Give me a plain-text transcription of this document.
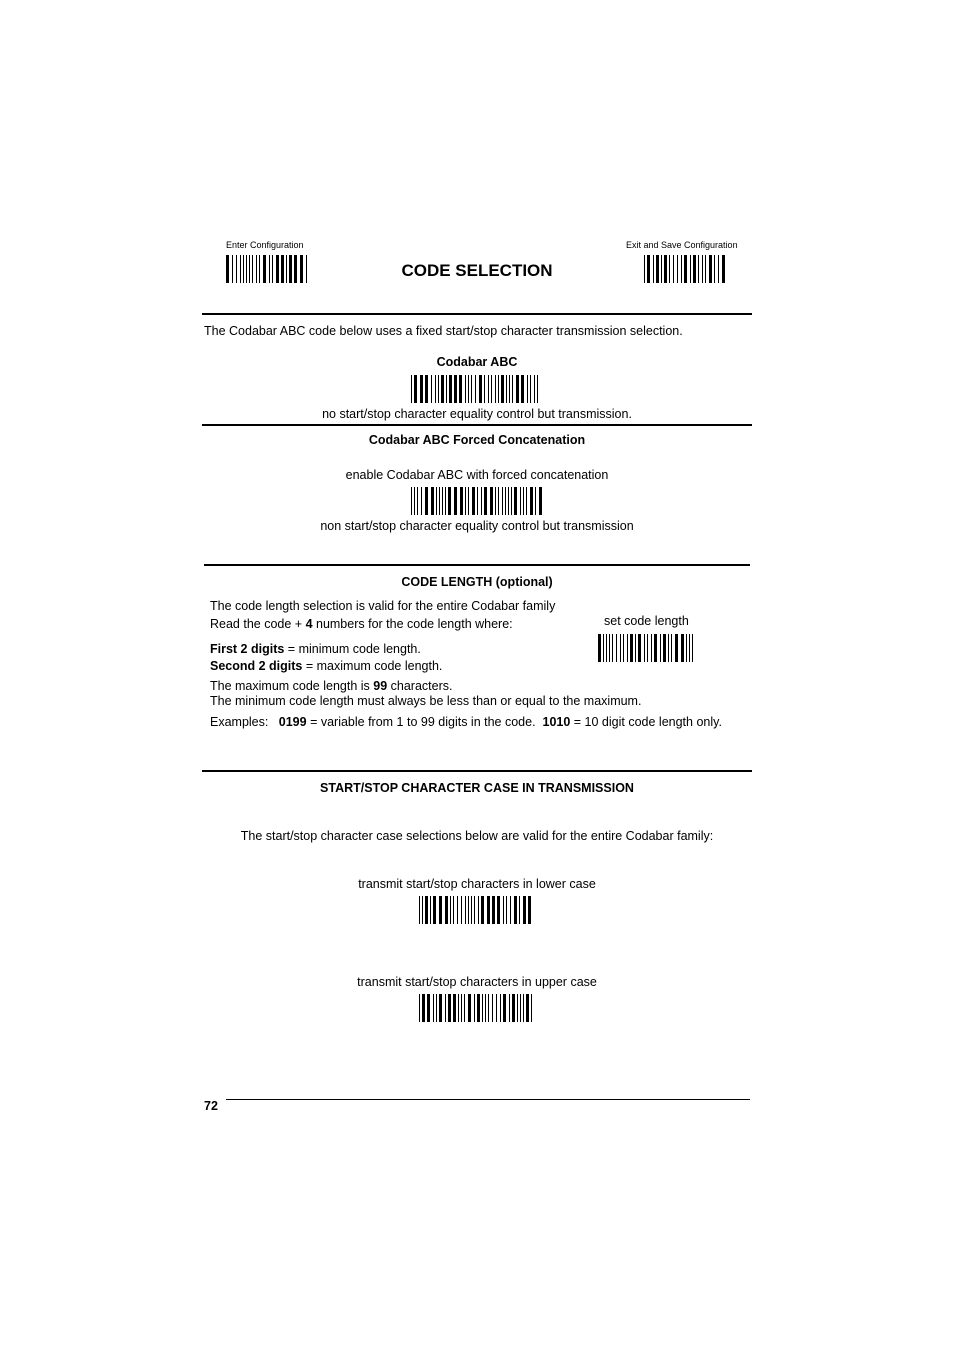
Enter Configuration
CODE SELECTION
Exit and Save Configuration
The Codabar ABC code below uses a fixed start/stop character transmission selection.
Codabar ABC
no start/stop character equality control but transmission.
Codabar ABC Forced Concatenation
enable Codabar ABC with forced concatenation
non start/stop character equality control but transmission
CODE LENGTH (optional)
The code length selection is valid for the entire Codabar family
Read the code + 4 numbers for the code length where:
First 2 digits = minimum code length.
Second 2 digits = maximum code length.
The maximum code length is 99 characters.
The minimum code length must always be less than or equal to the maximum.
Examples:   0199 = variable from 1 to 99 digits in the code.  1010 = 10 digit code length only.
set code length
START/STOP CHARACTER CASE IN TRANSMISSION
The start/stop character case selections below are valid for the entire Codabar family:
transmit start/stop characters in lower case
transmit start/stop characters in upper case
72
